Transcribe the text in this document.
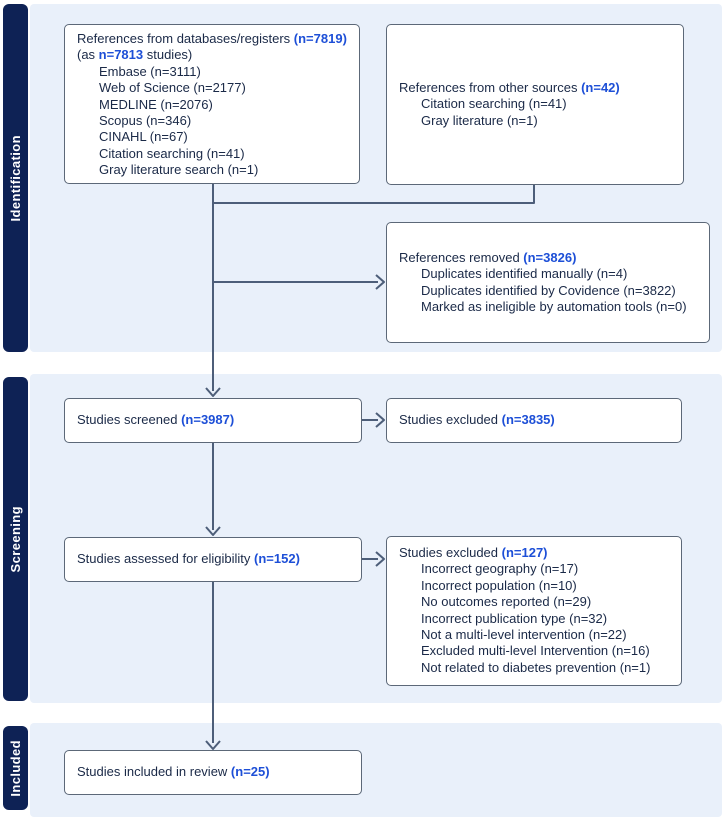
Identification
Screening
Included
References from databases/registers (n=7819) (as n=7813 studies)
Embase (n=3111)
Web of Science (n=2177)
MEDLINE (n=2076)
Scopus (n=346)
CINAHL (n=67)
Citation searching (n=41)
Gray literature search (n=1)
References from other sources (n=42)
Citation searching (n=41)
Gray literature (n=1)
References removed (n=3826)
Duplicates identified manually (n=4)
Duplicates identified by Covidence (n=3822)
Marked as ineligible by automation tools (n=0)
Studies screened (n=3987)	Studies excluded (n=3835)
Studies assessed for eligibility (n=152)	Studies excluded (n=127)
Incorrect geography (n=17)
Incorrect population (n=10)
No outcomes reported (n=29)
Incorrect publication type (n=32)
Not a multi-level intervention (n=22)
Excluded multi-level Intervention (n=16)
Not related to diabetes prevention (n=1)
Studies included in review (n=25)
